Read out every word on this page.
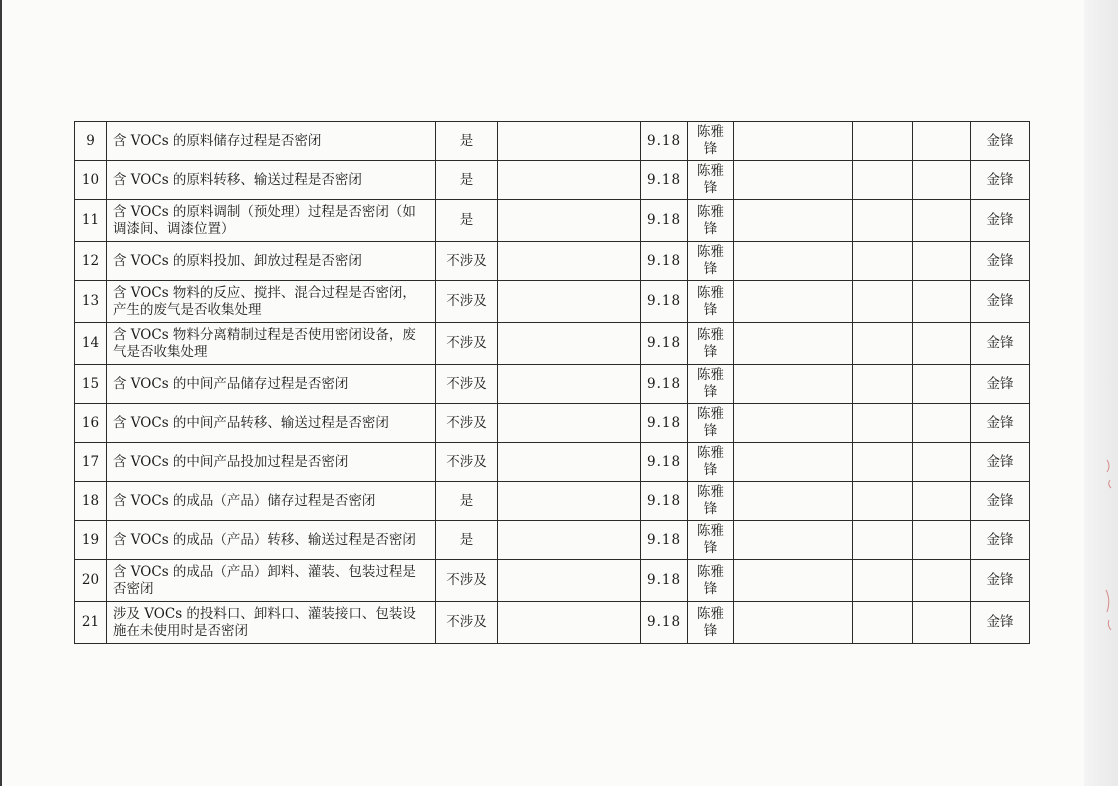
9	含 VOCs 的原料储存过程是否密闭	是		9.18	陈雅锋				金锋
10	含 VOCs 的原料转移、输送过程是否密闭	是		9.18	陈雅锋				金锋
11	含 VOCs 的原料调制（预处理）过程是否密闭（如调漆间、调漆位置）	是		9.18	陈雅锋				金锋
12	含 VOCs 的原料投加、卸放过程是否密闭	不涉及		9.18	陈雅锋				金锋
13	含 VOCs 物料的反应、搅拌、混合过程是否密闭，产生的废气是否收集处理	不涉及		9.18	陈雅锋				金锋
14	含 VOCs 物料分离精制过程是否使用密闭设备，废气是否收集处理	不涉及		9.18	陈雅锋				金锋
15	含 VOCs 的中间产品储存过程是否密闭	不涉及		9.18	陈雅锋				金锋
16	含 VOCs 的中间产品转移、输送过程是否密闭	不涉及		9.18	陈雅锋				金锋
17	含 VOCs 的中间产品投加过程是否密闭	不涉及		9.18	陈雅锋				金锋
18	含 VOCs 的成品（产品）储存过程是否密闭	是		9.18	陈雅锋				金锋
19	含 VOCs 的成品（产品）转移、输送过程是否密闭	是		9.18	陈雅锋				金锋
20	含 VOCs 的成品（产品）卸料、灌装、包装过程是否密闭	不涉及		9.18	陈雅锋				金锋
21	涉及 VOCs 的投料口、卸料口、灌装接口、包装设施在未使用时是否密闭	不涉及		9.18	陈雅锋				金锋
